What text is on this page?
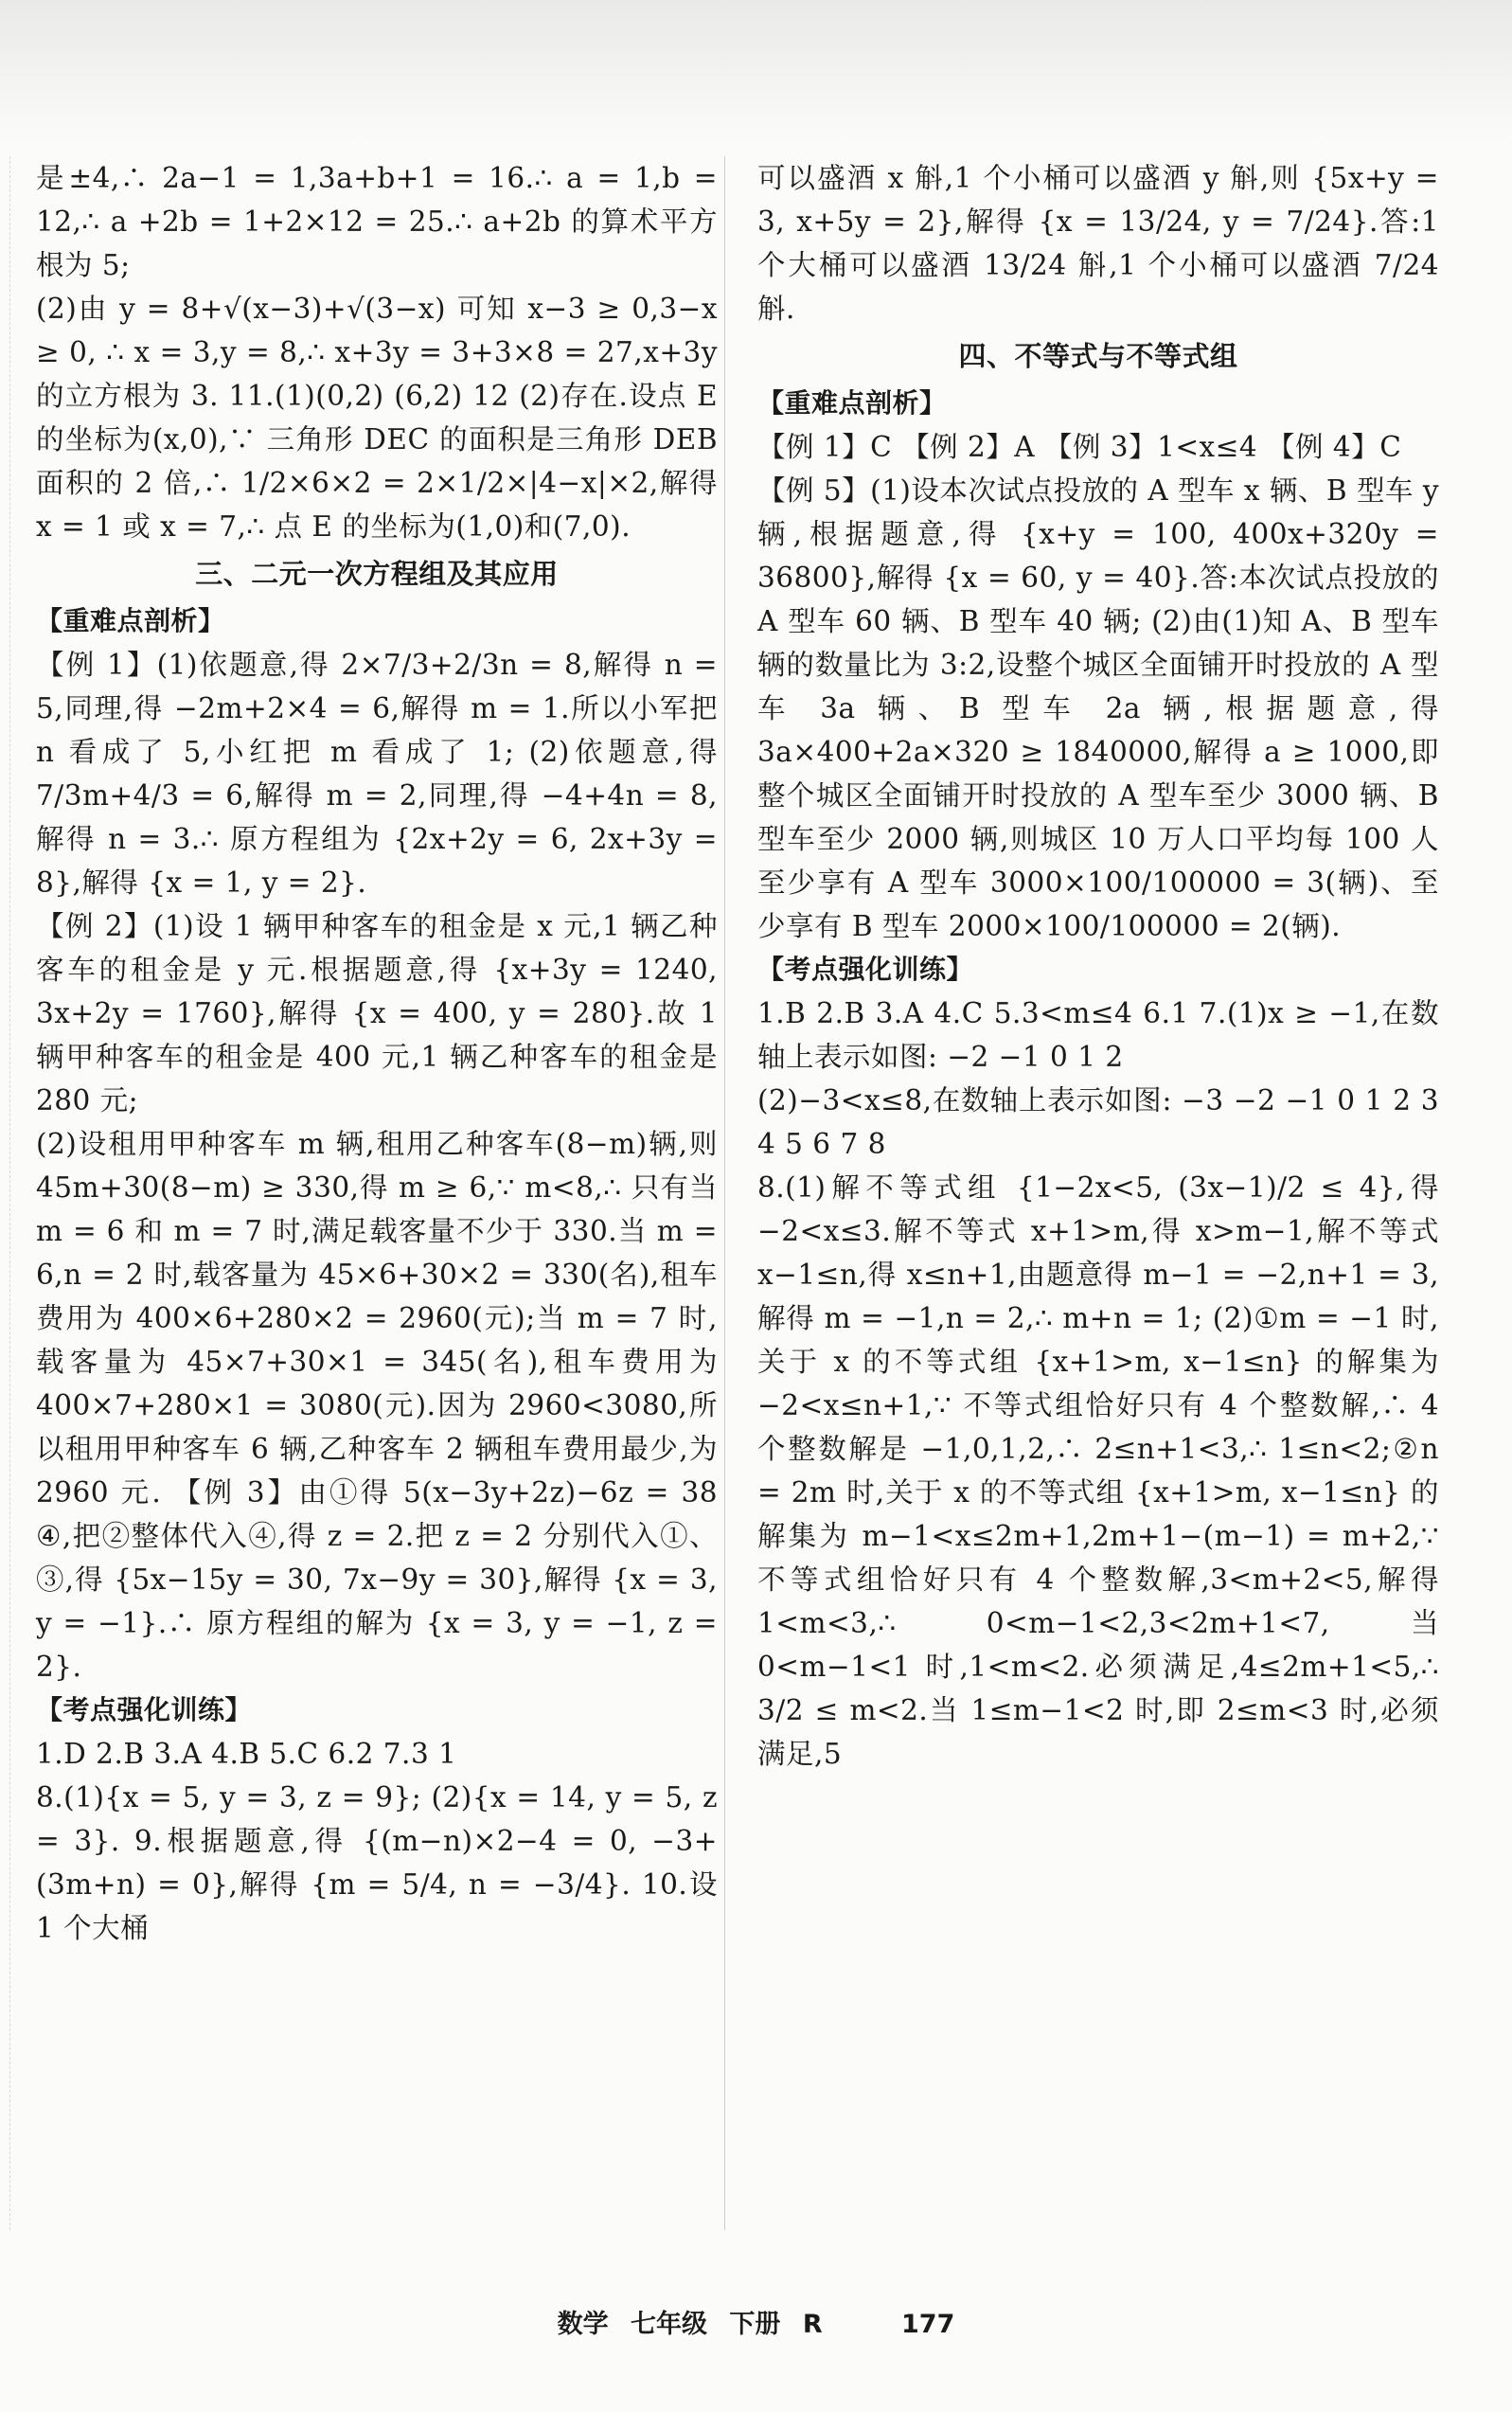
是±4,∴ 2a−1 = 1,3a+b+1 = 16.∴ a = 1,b = 12,∴ a +2b = 1+2×12 = 25.∴ a+2b 的算术平方根为 5;

(2)由 y = 8+√(x−3)+√(3−x) 可知 x−3 ≥ 0,3−x ≥ 0, ∴ x = 3,y = 8,∴ x+3y = 3+3×8 = 27,x+3y 的立方根为 3. 11.(1)(0,2) (6,2) 12 (2)存在.设点 E 的坐标为(x,0),∵ 三角形 DEC 的面积是三角形 DEB 面积的 2 倍,∴ 1/2×6×2 = 2×1/2×|4−x|×2,解得 x = 1 或 x = 7,∴ 点 E 的坐标为(1,0)和(7,0).

三、二元一次方程组及其应用

【重难点剖析】

【例 1】(1)依题意,得 2×7/3+2/3n = 8,解得 n = 5,同理,得 −2m+2×4 = 6,解得 m = 1.所以小军把 n 看成了 5,小红把 m 看成了 1; (2)依题意,得 7/3m+4/3 = 6,解得 m = 2,同理,得 −4+4n = 8,解得 n = 3.∴ 原方程组为 {2x+2y = 6, 2x+3y = 8},解得 {x = 1, y = 2}.

【例 2】(1)设 1 辆甲种客车的租金是 x 元,1 辆乙种客车的租金是 y 元.根据题意,得 {x+3y = 1240, 3x+2y = 1760},解得 {x = 400, y = 280}.故 1 辆甲种客车的租金是 400 元,1 辆乙种客车的租金是 280 元;

(2)设租用甲种客车 m 辆,租用乙种客车(8−m)辆,则 45m+30(8−m) ≥ 330,得 m ≥ 6,∵ m<8,∴ 只有当 m = 6 和 m = 7 时,满足载客量不少于 330.当 m = 6,n = 2 时,载客量为 45×6+30×2 = 330(名),租车费用为 400×6+280×2 = 2960(元);当 m = 7 时,载客量为 45×7+30×1 = 345(名),租车费用为 400×7+280×1 = 3080(元).因为 2960<3080,所以租用甲种客车 6 辆,乙种客车 2 辆租车费用最少,为 2960 元. 【例 3】由①得 5(x−3y+2z)−6z = 38 ④,把②整体代入④,得 z = 2.把 z = 2 分别代入①、③,得 {5x−15y = 30, 7x−9y = 30},解得 {x = 3, y = −1}.∴ 原方程组的解为 {x = 3, y = −1, z = 2}.

【考点强化训练】

1.D 2.B 3.A 4.B 5.C 6.2 7.3 1

8.(1){x = 5, y = 3, z = 9}; (2){x = 14, y = 5, z = 3}. 9.根据题意,得 {(m−n)×2−4 = 0, −3+(3m+n) = 0},解得 {m = 5/4, n = −3/4}. 10.设 1 个大桶

可以盛酒 x 斛,1 个小桶可以盛酒 y 斛,则 {5x+y = 3, x+5y = 2},解得 {x = 13/24, y = 7/24}.答:1 个大桶可以盛酒 13/24 斛,1 个小桶可以盛酒 7/24 斛.

四、不等式与不等式组

【重难点剖析】

【例 1】C 【例 2】A 【例 3】1<x≤4 【例 4】C

【例 5】(1)设本次试点投放的 A 型车 x 辆、B 型车 y 辆,根据题意,得 {x+y = 100, 400x+320y = 36800},解得 {x = 60, y = 40}.答:本次试点投放的 A 型车 60 辆、B 型车 40 辆; (2)由(1)知 A、B 型车辆的数量比为 3:2,设整个城区全面铺开时投放的 A 型车 3a 辆、B 型车 2a 辆,根据题意,得 3a×400+2a×320 ≥ 1840000,解得 a ≥ 1000,即整个城区全面铺开时投放的 A 型车至少 3000 辆、B 型车至少 2000 辆,则城区 10 万人口平均每 100 人至少享有 A 型车 3000×100/100000 = 3(辆)、至少享有 B 型车 2000×100/100000 = 2(辆).

【考点强化训练】

1.B 2.B 3.A 4.C 5.3<m≤4 6.1 7.(1)x ≥ −1,在数轴上表示如图: −2 −1 0 1 2

(2)−3<x≤8,在数轴上表示如图: −3 −2 −1 0 1 2 3 4 5 6 7 8

8.(1)解不等式组 {1−2x<5, (3x−1)/2 ≤ 4},得 −2<x≤3.解不等式 x+1>m,得 x>m−1,解不等式 x−1≤n,得 x≤n+1,由题意得 m−1 = −2,n+1 = 3,解得 m = −1,n = 2,∴ m+n = 1; (2)①m = −1 时,关于 x 的不等式组 {x+1>m, x−1≤n} 的解集为 −2<x≤n+1,∵ 不等式组恰好只有 4 个整数解,∴ 4 个整数解是 −1,0,1,2,∴ 2≤n+1<3,∴ 1≤n<2;②n = 2m 时,关于 x 的不等式组 {x+1>m, x−1≤n} 的解集为 m−1<x≤2m+1,2m+1−(m−1) = m+2,∵ 不等式组恰好只有 4 个整数解,3<m+2<5,解得 1<m<3,∴ 0<m−1<2,3<2m+1<7,当 0<m−1<1 时,1<m<2.必须满足,4≤2m+1<5,∴ 3/2 ≤ m<2.当 1≤m−1<2 时,即 2≤m<3 时,必须满足,5

数学 七年级 下册 R	177
